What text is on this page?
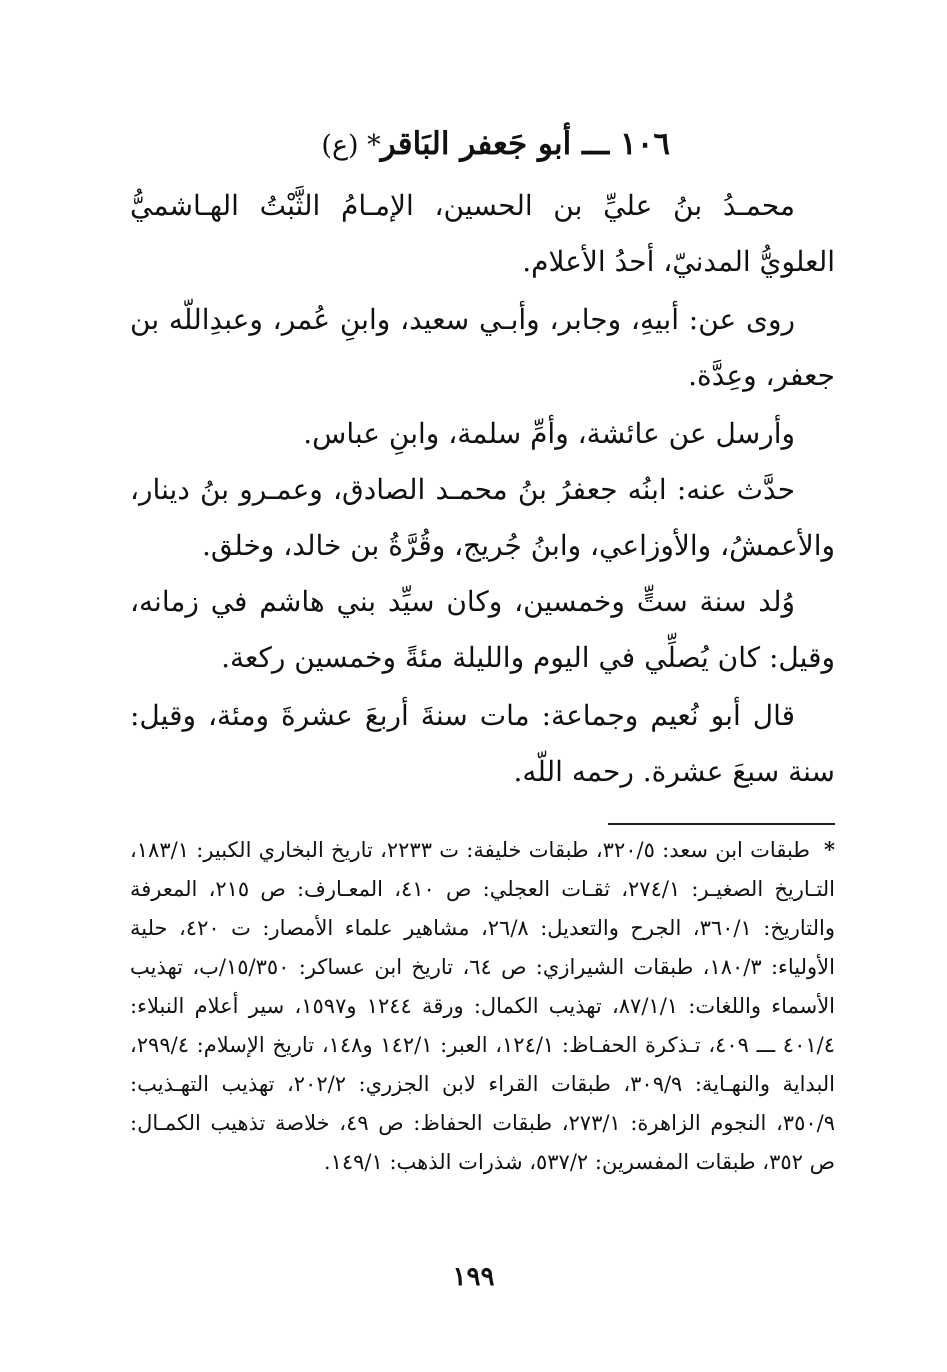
١٠٦ ـــ أبو جَعفر البَاقر* (ع)

محمـدُ بنُ عليِّ بن الحسين، الإمـامُ الثَّبْتُ الهـاشميُّ العلويُّ المدنيّ، أحدُ الأعلام.

روى عن: أبيهِ، وجابر، وأبـي سعيد، وابنِ عُمر، وعبدِاللّه بن جعفر، وعِدَّة.

وأرسل عن عائشة، وأمِّ سلمة، وابنِ عباس.

حدَّث عنه: ابنُه جعفرُ بنُ محمـد الصادق، وعمـرو بنُ دينار، والأعمشُ، والأوزاعي، وابنُ جُريج، وقُرَّةُ بن خالد، وخلق.

وُلد سنة ستٍّ وخمسين، وكان سيِّد بني هاشم في زمانه، وقيل: كان يُصلِّي في اليوم والليلة مئةً وخمسين ركعة.

قال أبو نُعيم وجماعة: مات سنةَ أربعَ عشرةَ ومئة، وقيل: سنة سبعَ عشرة. رحمه اللّه.

*طبقات ابن سعد: ٣٢٠/٥، طبقات خليفة: ت ٢٢٣٣، تاريخ البخاري الكبير: ١٨٣/١، التـاريخ الصغيـر: ٢٧٤/١، ثقـات العجلي: ص ٤١٠، المعـارف: ص ٢١٥، المعرفة والتاريخ: ٣٦٠/١، الجرح والتعديل: ٢٦/٨، مشاهير علماء الأمصار: ت ٤٢٠، حلية الأولياء: ١٨٠/٣، طبقات الشيرازي: ص ٦٤، تاريخ ابن عساكر: ١٥/٣٥٠/ب، تهذيب الأسماء واللغات: ٨٧/١/١، تهذيب الكمال: ورقة ١٢٤٤ و١٥٩٧، سير أعلام النبلاء: ٤٠١/٤ ـــ ٤٠٩، تـذكرة الحفـاظ: ١٢٤/١، العبر: ١٤٢/١ و١٤٨، تاريخ الإسلام: ٢٩٩/٤، البداية والنهـاية: ٣٠٩/٩، طبقات القراء لابن الجزري: ٢٠٢/٢، تهذيب التهـذيب: ٣٥٠/٩، النجوم الزاهرة: ٢٧٣/١، طبقات الحفاظ: ص ٤٩، خلاصة تذهيب الكمـال: ص ٣٥٢، طبقات المفسرين: ٥٣٧/٢، شذرات الذهب: ١٤٩/١.
١٩٩
